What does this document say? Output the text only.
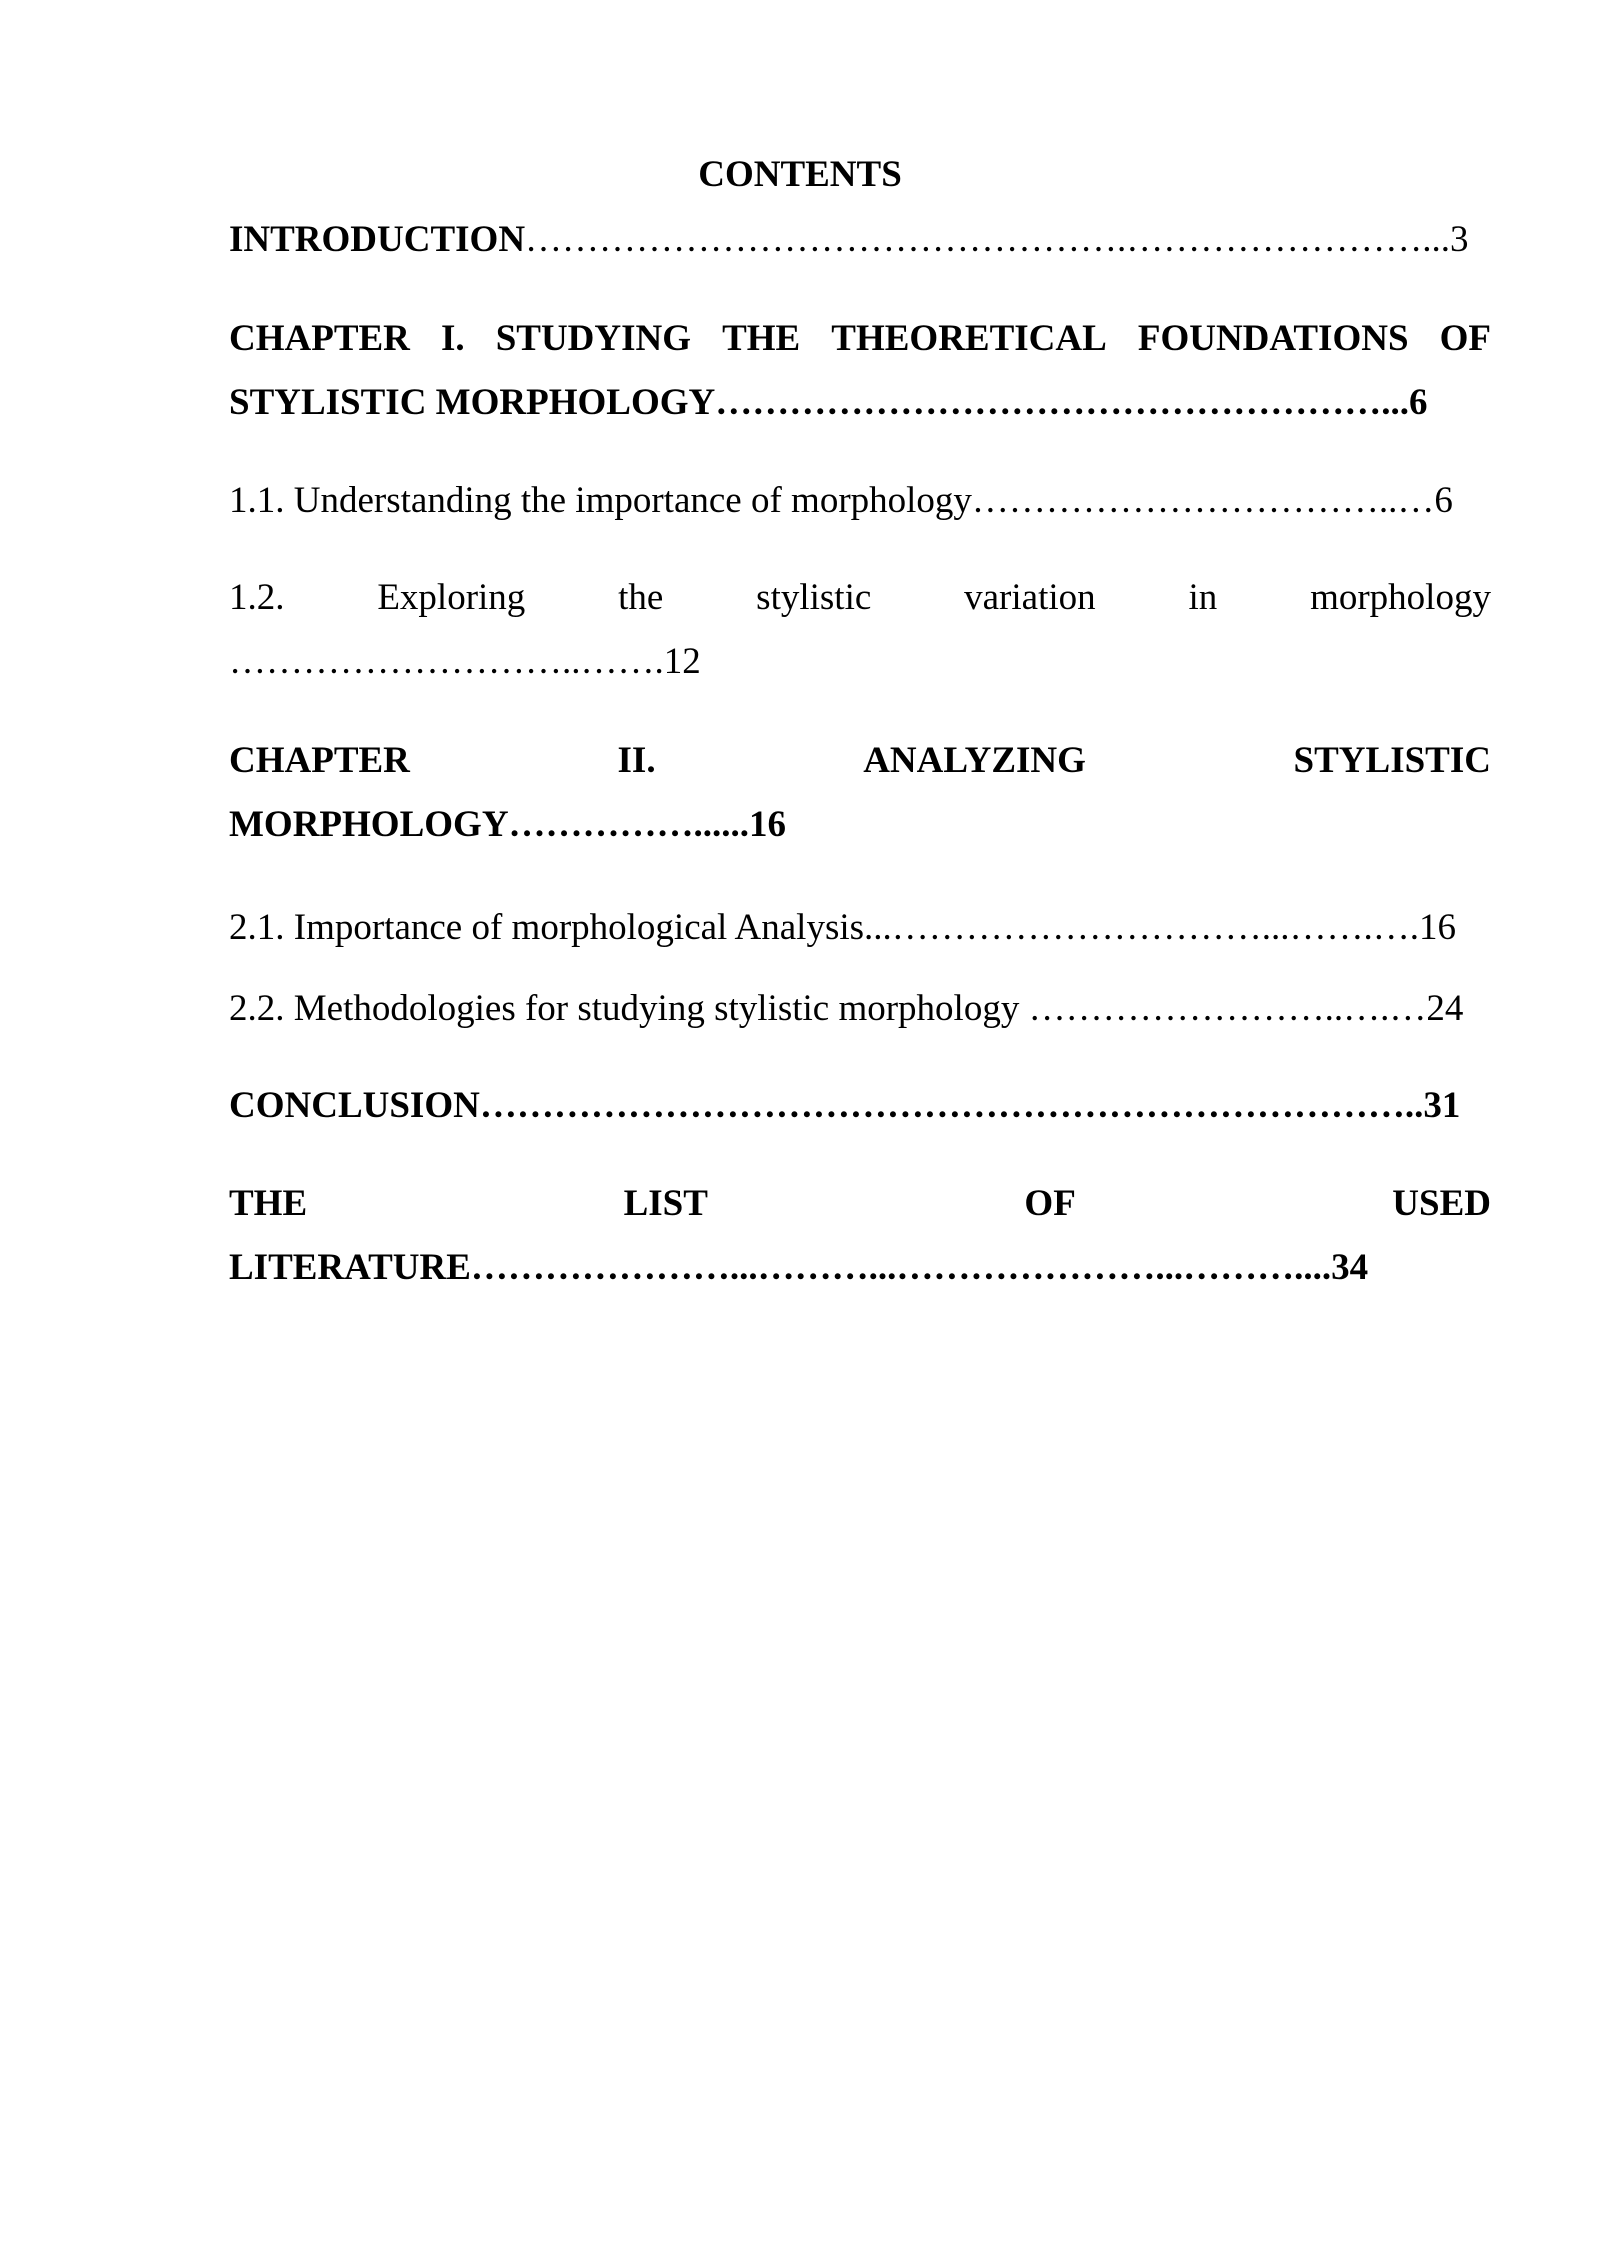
CONTENTS
INTRODUCTION………………………………………….……………………...3
CHAPTER I. STUDYING THE THEORETICAL FOUNDATIONS OF
STYLISTIC MORPHOLOGY………………………………………………...6
1.1. Understanding the importance of morphology……………………………..…6
1.2.	Exploring	the	stylistic	variation	in	morphology
………………………..…….12
CHAPTER	II.	ANALYZING	STYLISTIC
MORPHOLOGY……………......16
2.1. Importance of morphological Analysis...…………………………...…….….16
2.2. Methodologies for studying stylistic morphology ……………………..….…24
CONCLUSION…………………………………………………………………..31
THE	LIST	OF	USED
LITERATURE…………………...………...…………………...………....34
